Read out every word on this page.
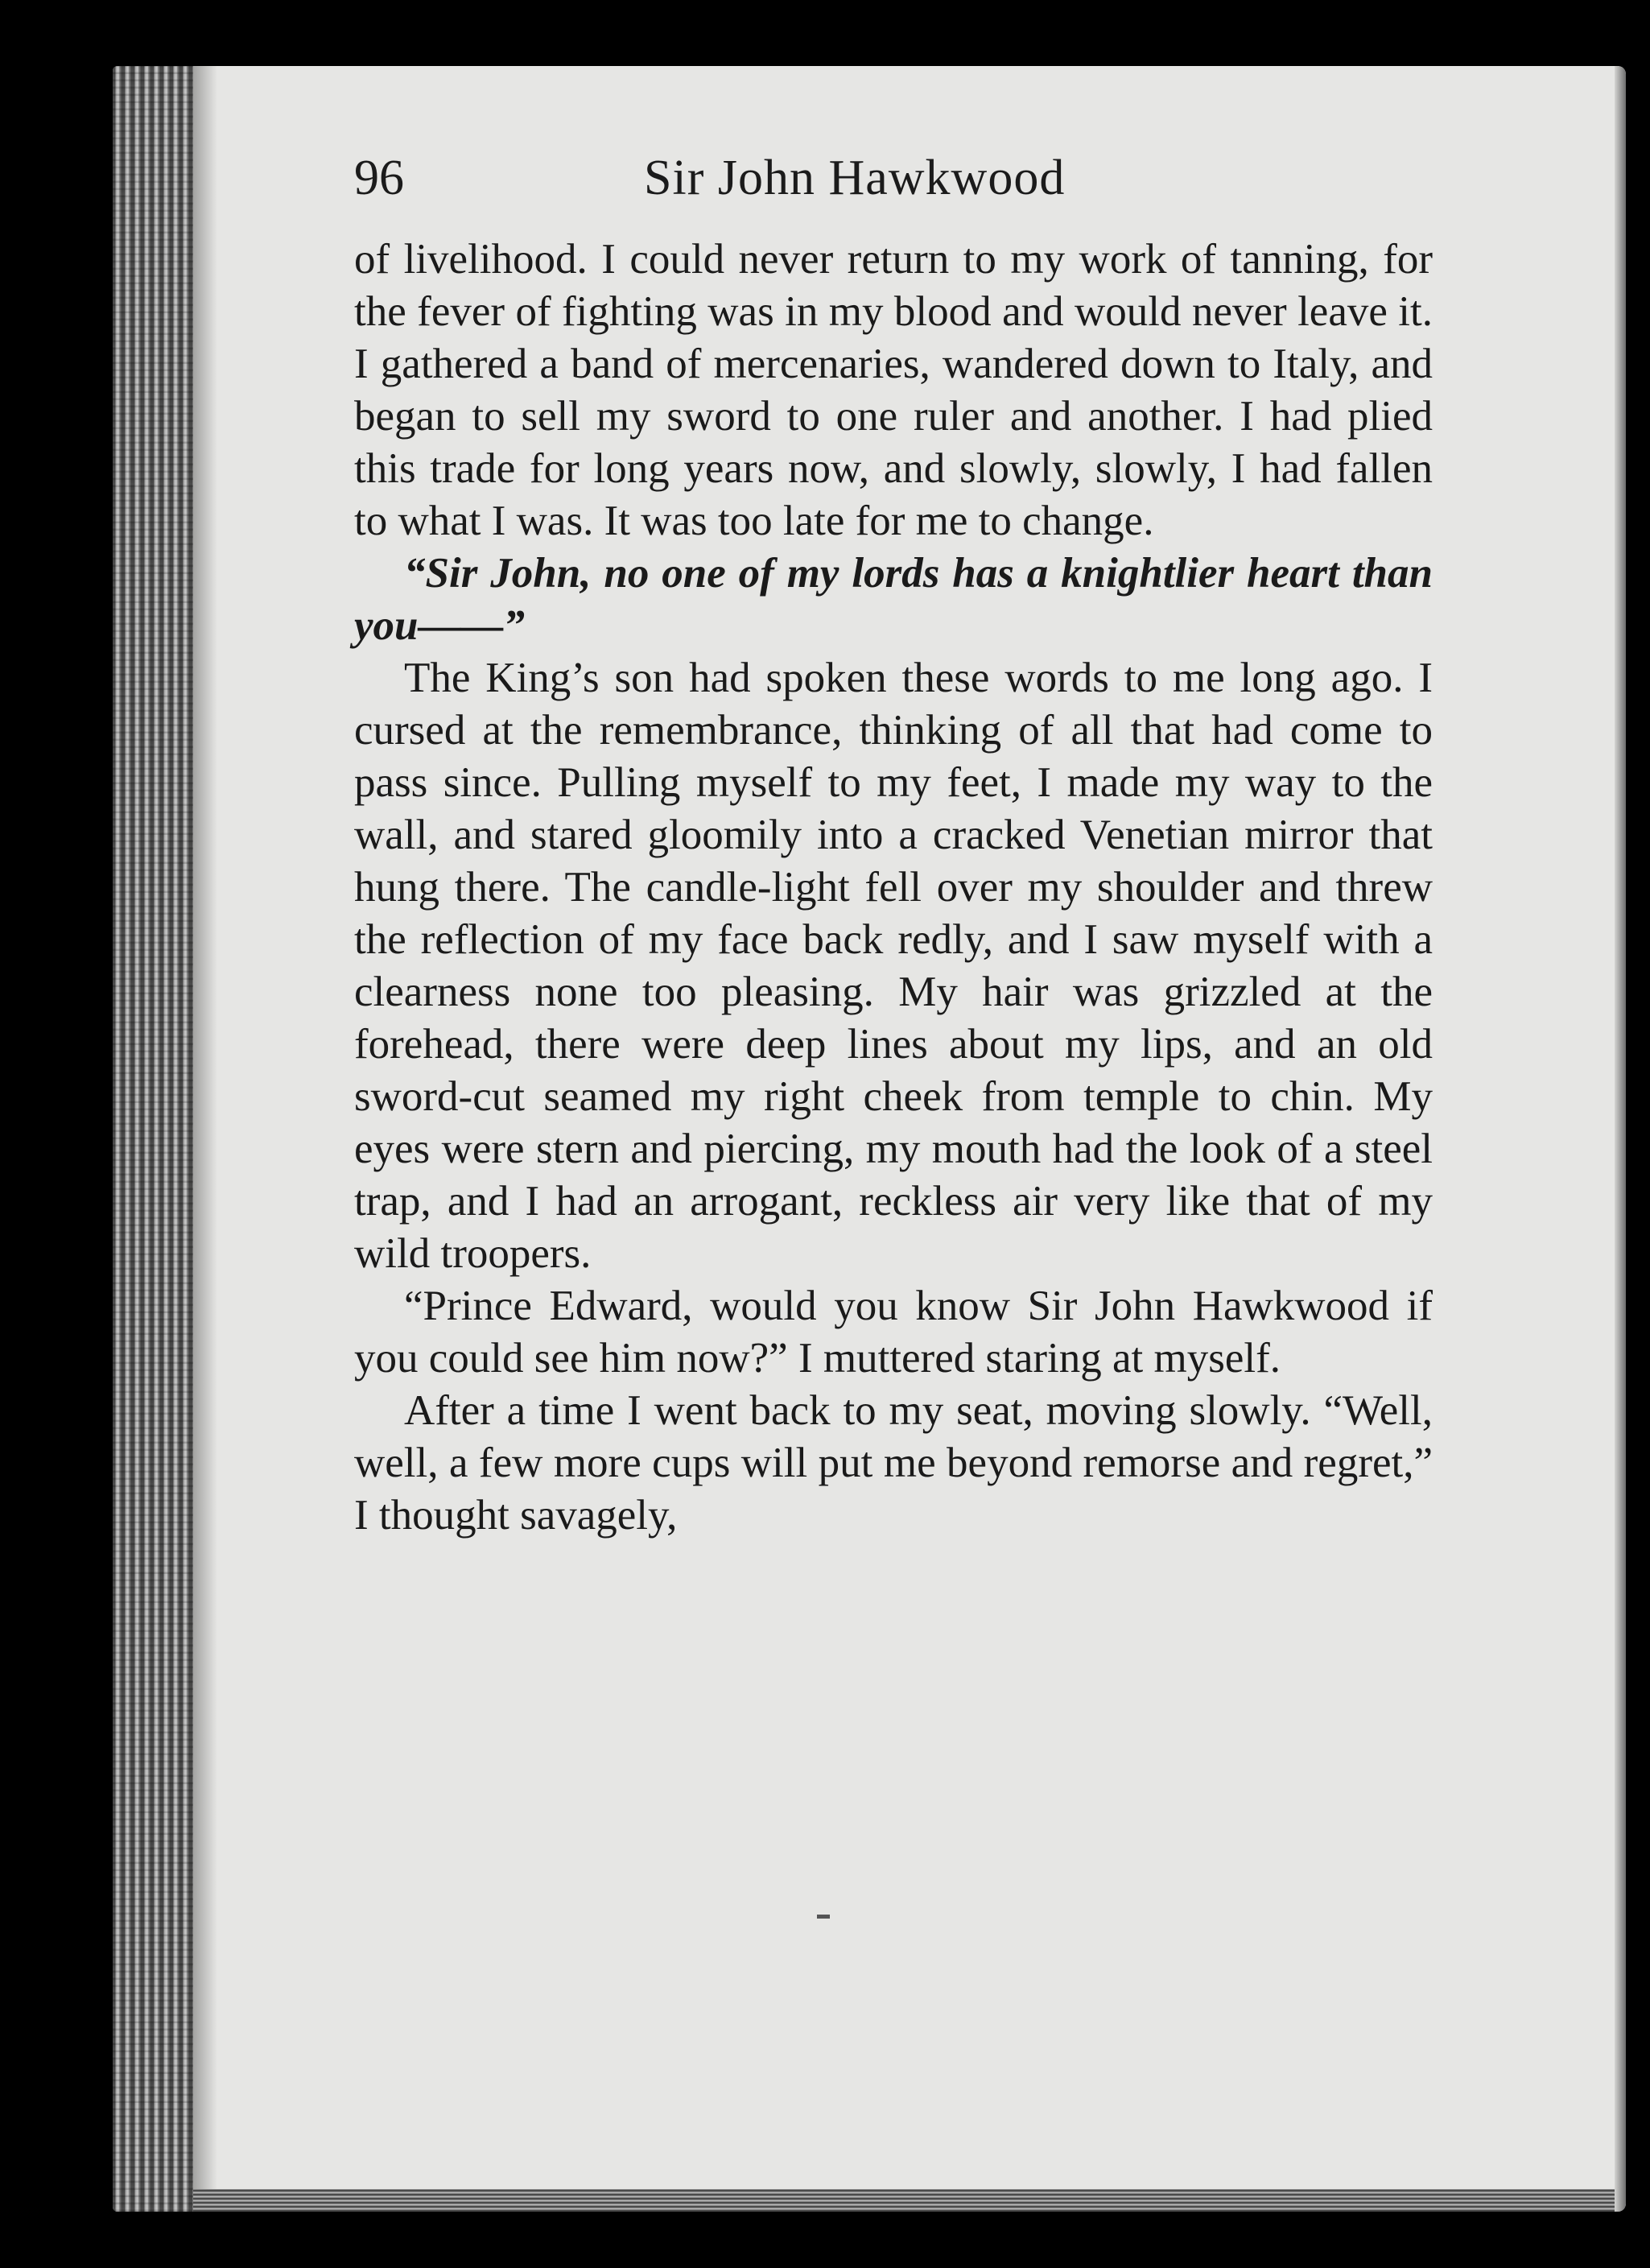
96	Sir John Hawkwood

of livelihood. I could never return to my work of tanning, for the fever of fighting was in my blood and would never leave it. I gathered a band of mercenaries, wandered down to Italy, and began to sell my sword to one ruler and another. I had plied this trade for long years now, and slowly, slowly, I had fallen to what I was. It was too late for me to change.

“Sir John, no one of my lords has a knightlier heart than you——”

The King’s son had spoken these words to me long ago. I cursed at the remembrance, thinking of all that had come to pass since. Pulling myself to my feet, I made my way to the wall, and stared gloomily into a cracked Venetian mirror that hung there. The candle-light fell over my shoulder and threw the reflection of my face back redly, and I saw myself with a clearness none too pleasing. My hair was grizzled at the forehead, there were deep lines about my lips, and an old sword-cut seamed my right cheek from temple to chin. My eyes were stern and piercing, my mouth had the look of a steel trap, and I had an arrogant, reckless air very like that of my wild troopers.

“Prince Edward, would you know Sir John Hawkwood if you could see him now?” I muttered staring at myself.

After a time I went back to my seat, moving slowly. “Well, well, a few more cups will put me beyond remorse and regret,” I thought savagely,
